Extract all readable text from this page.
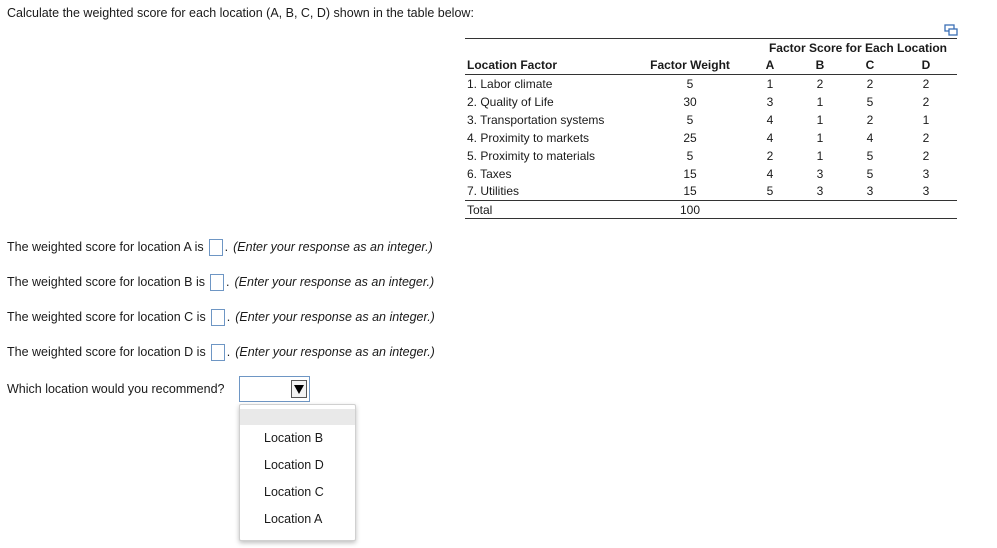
Calculate the weighted score for each location (A, B, C, D) shown in the table below:
		Factor Score for Each Location			
Location Factor	Factor Weight	A	B	C	D
1. Labor climate	5	1	2	2	2
2. Quality of Life	30	3	1	5	2
3. Transportation systems	5	4	1	2	1
4. Proximity to markets	25	4	1	4	2
5. Proximity to materials	5	2	1	5	2
6. Taxes	15	4	3	5	3
7. Utilities	15	5	3	3	3
Total	100				
The weighted score for location A is . (Enter your response as an integer.)
The weighted score for location B is . (Enter your response as an integer.)
The weighted score for location C is . (Enter your response as an integer.)
The weighted score for location D is . (Enter your response as an integer.)
Which location would you recommend?
Location B
Location D
Location C
Location A
